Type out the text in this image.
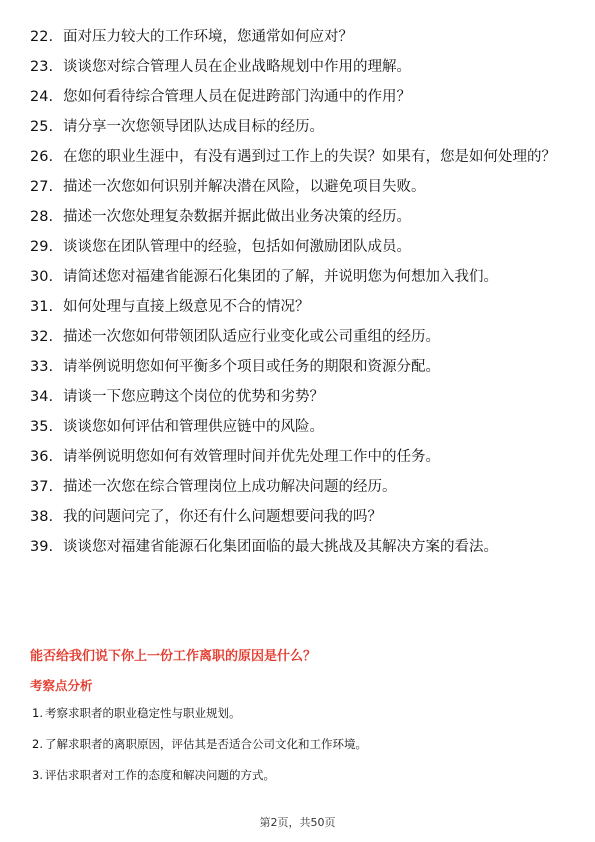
22. 面对压力较大的工作环境，您通常如何应对？
23. 谈谈您对综合管理人员在企业战略规划中作用的理解。
24. 您如何看待综合管理人员在促进跨部门沟通中的作用？
25. 请分享一次您领导团队达成目标的经历。
26. 在您的职业生涯中，有没有遇到过工作上的失误？如果有，您是如何处理的？
27. 描述一次您如何识别并解决潜在风险，以避免项目失败。
28. 描述一次您处理复杂数据并据此做出业务决策的经历。
29. 谈谈您在团队管理中的经验，包括如何激励团队成员。
30. 请简述您对福建省能源石化集团的了解，并说明您为何想加入我们。
31. 如何处理与直接上级意见不合的情况？
32. 描述一次您如何带领团队适应行业变化或公司重组的经历。
33. 请举例说明您如何平衡多个项目或任务的期限和资源分配。
34. 请谈一下您应聘这个岗位的优势和劣势？
35. 谈谈您如何评估和管理供应链中的风险。
36. 请举例说明您如何有效管理时间并优先处理工作中的任务。
37. 描述一次您在综合管理岗位上成功解决问题的经历。
38. 我的问题问完了，你还有什么问题想要问我的吗？
39. 谈谈您对福建省能源石化集团面临的最大挑战及其解决方案的看法。
能否给我们说下你上一份工作离职的原因是什么？
考察点分析
1. 考察求职者的职业稳定性与职业规划。
2. 了解求职者的离职原因，评估其是否适合公司文化和工作环境。
3. 评估求职者对工作的态度和解决问题的方式。
第2页，共50页
